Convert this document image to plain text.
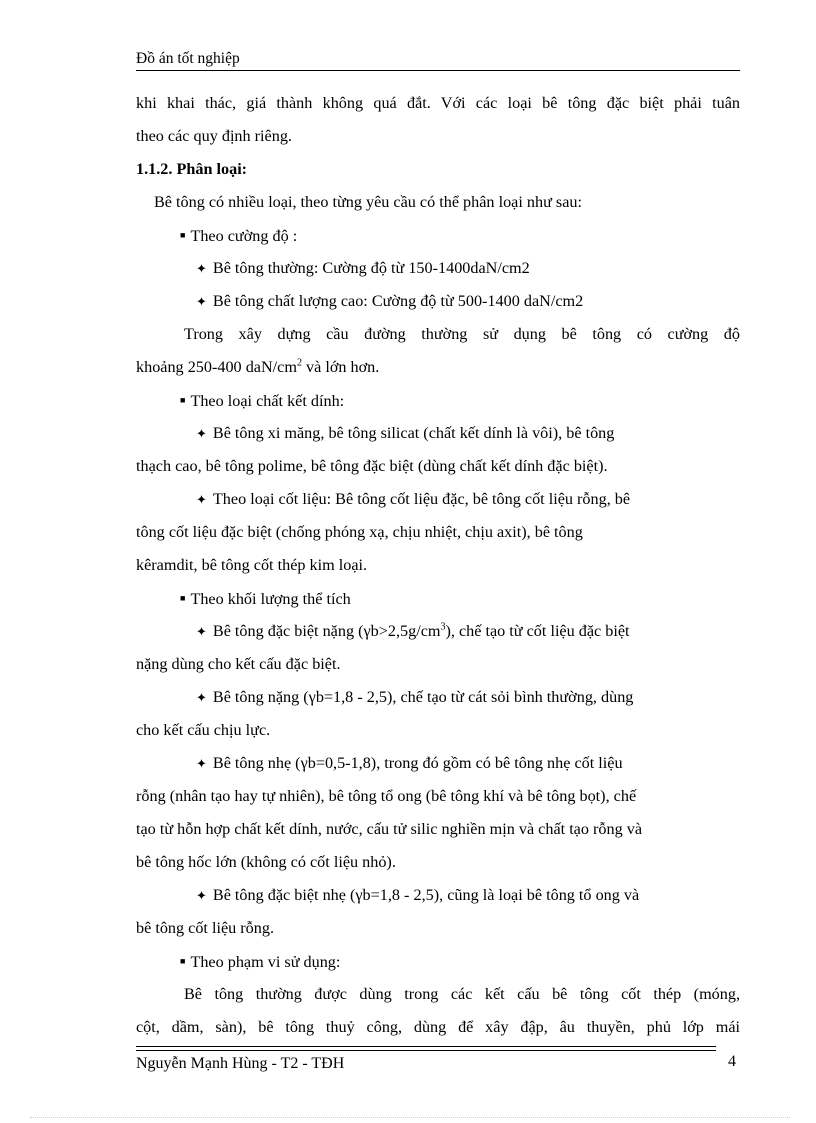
Đồ án tốt nghiệp
khi khai thác, giá thành không quá đắt. Với các loại bê tông đặc biệt phải tuân
theo các quy định riêng.
1.1.2. Phân loại:
Bê tông có nhiều loại, theo từng yêu cầu có thể phân loại như sau:
■ Theo cường độ :
✦ Bê tông thường: Cường độ từ 150-1400daN/cm2
✦ Bê tông chất lượng cao: Cường độ từ 500-1400 daN/cm2
Trong xây dựng cầu đường thường sử dụng bê tông có cường độ
khoảng 250-400 daN/$cm^2$ và lớn hơn.
■ Theo loại chất kết dính:
✦ Bê tông xi măng, bê tông silicat (chất kết dính là vôi), bê tông
thạch cao, bê tông polime, bê tông đặc biệt (dùng chất kết dính đặc biệt).
✦ Theo loại cốt liệu: Bê tông cốt liệu đặc, bê tông cốt liệu rỗng, bê
tông cốt liệu đặc biệt (chống phóng xạ, chịu nhiệt, chịu axit), bê tông
kêramdit, bê tông cốt thép kim loại.
■ Theo khối lượng thể tích
✦ Bê tông đặc biệt nặng $(\gamma b>2,5g/cm^3)$, chế tạo từ cốt liệu đặc biệt
nặng dùng cho kết cấu đặc biệt.
✦ Bê tông nặng (γb=1,8 - 2,5), chế tạo từ cát sỏi bình thường, dùng
cho kết cấu chịu lực.
✦ Bê tông nhẹ (γb=0,5-1,8), trong đó gồm có bê tông nhẹ cốt liệu
rỗng (nhân tạo hay tự nhiên), bê tông tổ ong (bê tông khí và bê tông bọt), chế
tạo từ hỗn hợp chất kết dính, nước, cấu tử silic nghiền mịn và chất tạo rỗng và
bê tông hốc lớn (không có cốt liệu nhỏ).
✦ Bê tông đặc biệt nhẹ (γb=1,8 - 2,5), cũng là loại bê tông tổ ong và
bê tông cốt liệu rỗng.
■ Theo phạm vi sử dụng:
Bê tông thường được dùng trong các kết cấu bê tông cốt thép (móng,
cột, dầm, sàn), bê tông thuỷ công, dùng để xây đập, âu thuyền, phủ lớp mái
Nguyễn Mạnh Hùng - T2 - TĐH	4
